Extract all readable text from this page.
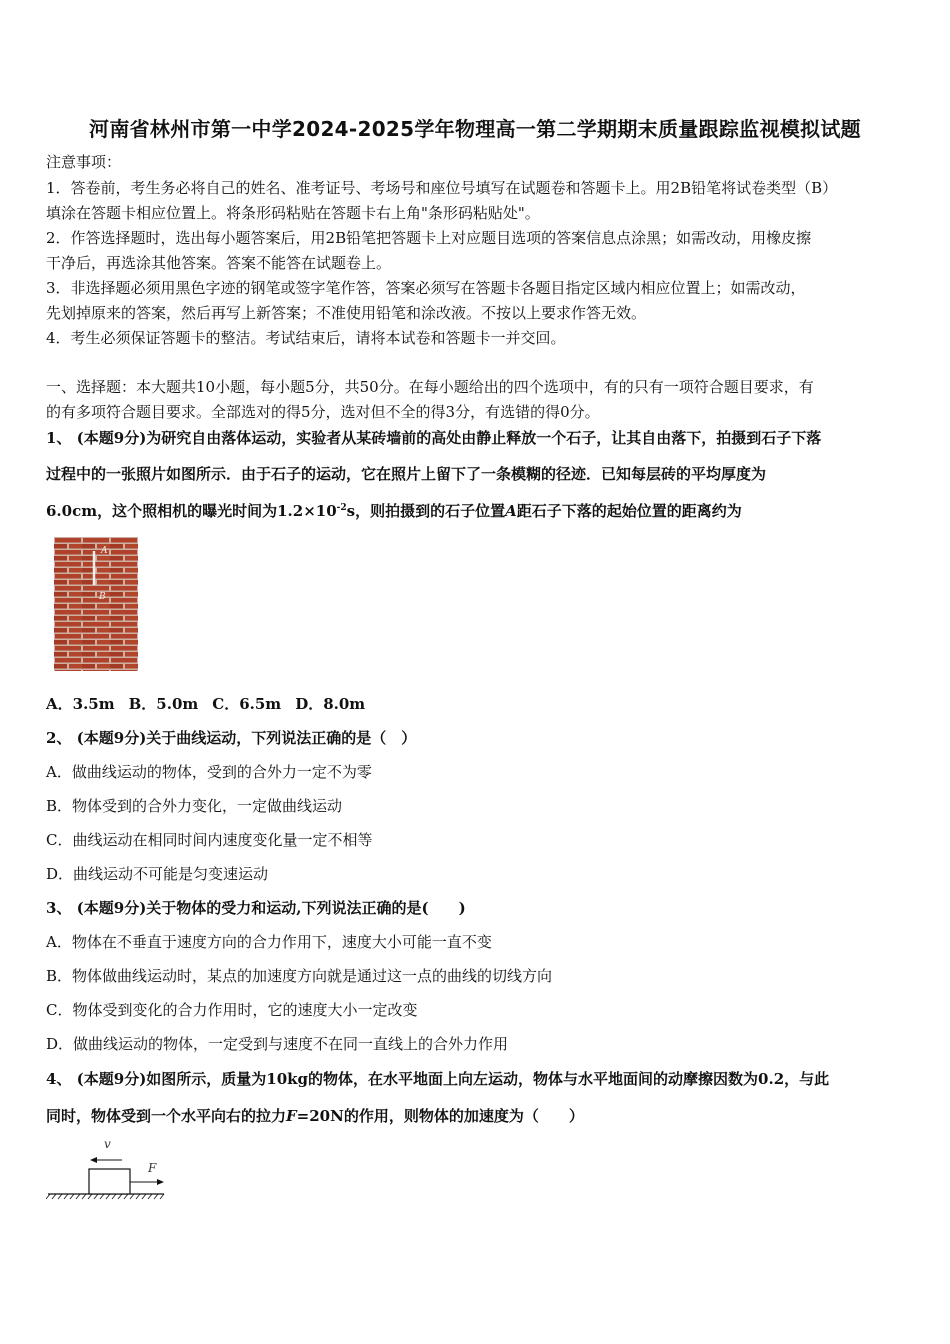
河南省林州市第一中学2024-2025学年物理高一第二学期期末质量跟踪监视模拟试题
注意事项：
1．答卷前，考生务必将自己的姓名、准考证号、考场号和座位号填写在试题卷和答题卡上。用2B铅笔将试卷类型（B）
填涂在答题卡相应位置上。将条形码粘贴在答题卡右上角"条形码粘贴处"。
2．作答选择题时，选出每小题答案后，用2B铅笔把答题卡上对应题目选项的答案信息点涂黑；如需改动，用橡皮擦
干净后，再选涂其他答案。答案不能答在试题卷上。
3．非选择题必须用黑色字迹的钢笔或签字笔作答，答案必须写在答题卡各题目指定区域内相应位置上；如需改动，
先划掉原来的答案，然后再写上新答案；不准使用铅笔和涂改液。不按以上要求作答无效。
4．考生必须保证答题卡的整洁。考试结束后，请将本试卷和答题卡一并交回。
一、选择题：本大题共10小题，每小题5分，共50分。在每小题给出的四个选项中，有的只有一项符合题目要求，有
的有多项符合题目要求。全部选对的得5分，选对但不全的得3分，有选错的得0分。
1、 (本题9分)为研究自由落体运动，实验者从某砖墙前的高处由静止释放一个石子，让其自由落下，拍摄到石子下落
过程中的一张照片如图所示．由于石子的运动，它在照片上留下了一条模糊的径迹．已知每层砖的平均厚度为
6.0cm，这个照相机的曝光时间为$1.2\times 10^{-2}s$，则拍摄到的石子位置A距石子下落的起始位置的距离约为
A
B
A．3.5m B．5.0m C．6.5m D．8.0m
2、 (本题9分)关于曲线运动，下列说法正确的是（　）
A．做曲线运动的物体，受到的合外力一定不为零
B．物体受到的合外力变化，一定做曲线运动
C．曲线运动在相同时间内速度变化量一定不相等
D．曲线运动不可能是匀变速运动
3、 (本题9分)关于物体的受力和运动,下列说法正确的是(　　)
A．物体在不垂直于速度方向的合力作用下，速度大小可能一直不变
B．物体做曲线运动时，某点的加速度方向就是通过这一点的曲线的切线方向
C．物体受到变化的合力作用时，它的速度大小一定改变
D．做曲线运动的物体，一定受到与速度不在同一直线上的合外力作用
4、 (本题9分)如图所示，质量为10kg的物体，在水平地面上向左运动，物体与水平地面间的动摩擦因数为0.2，与此
同时，物体受到一个水平向右的拉力F=20N的作用，则物体的加速度为（　　）
v
F
